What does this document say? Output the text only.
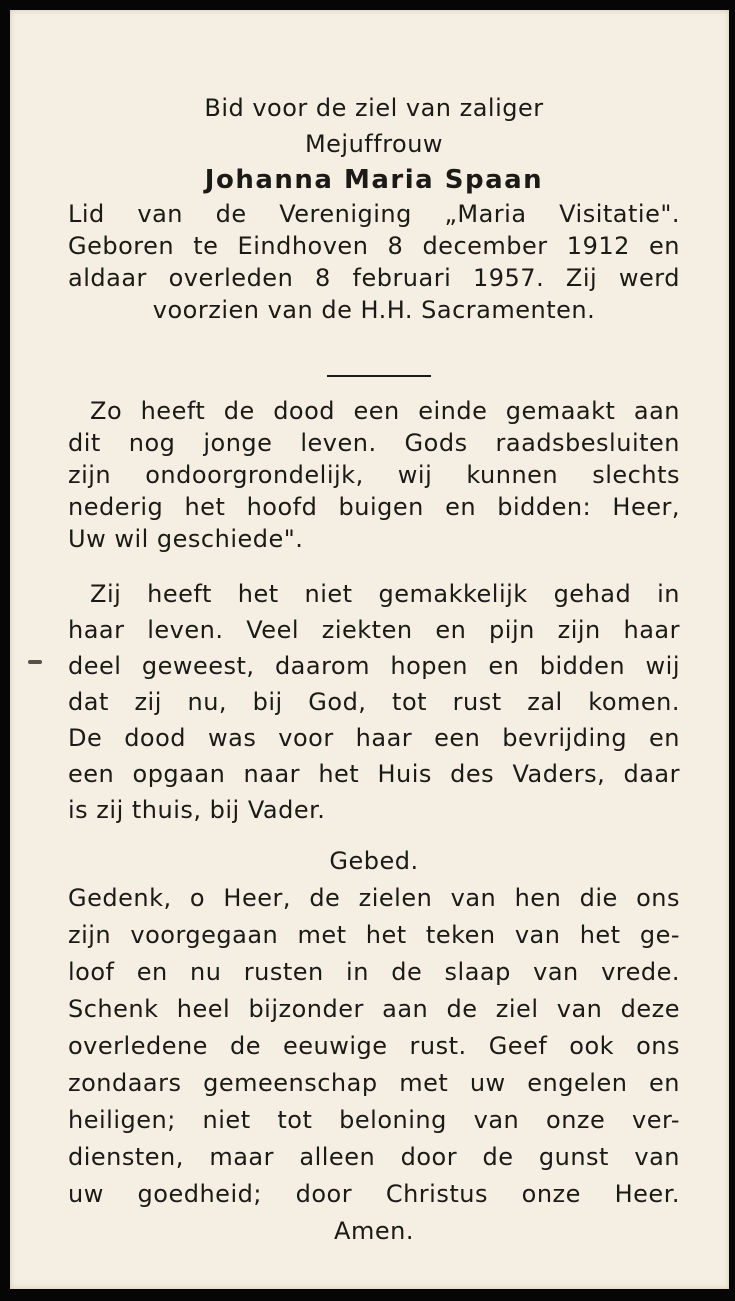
Bid voor de ziel van zaliger
Mejuffrouw
Johanna Maria Spaan
Lid van de Vereniging „Maria Visitatie".
Geboren te Eindhoven 8 december 1912 en
aldaar overleden 8 februari 1957. Zij werd
voorzien van de H.H. Sacramenten.
Zo heeft de dood een einde gemaakt aan
dit nog jonge leven. Gods raadsbesluiten
zijn ondoorgrondelijk, wij kunnen slechts
nederig het hoofd buigen en bidden: Heer,
Uw wil geschiede".
Zij heeft het niet gemakkelijk gehad in
haar leven. Veel ziekten en pijn zijn haar
deel geweest, daarom hopen en bidden wij
dat zij nu, bij God, tot rust zal komen.
De dood was voor haar een bevrijding en
een opgaan naar het Huis des Vaders, daar
is zij thuis, bij Vader.
Gebed.
Gedenk, o Heer, de zielen van hen die ons
zijn voorgegaan met het teken van het ge-
loof en nu rusten in de slaap van vrede.
Schenk heel bijzonder aan de ziel van deze
overledene de eeuwige rust. Geef ook ons
zondaars gemeenschap met uw engelen en
heiligen; niet tot beloning van onze ver-
diensten, maar alleen door de gunst van
uw goedheid; door Christus onze Heer.
Amen.
